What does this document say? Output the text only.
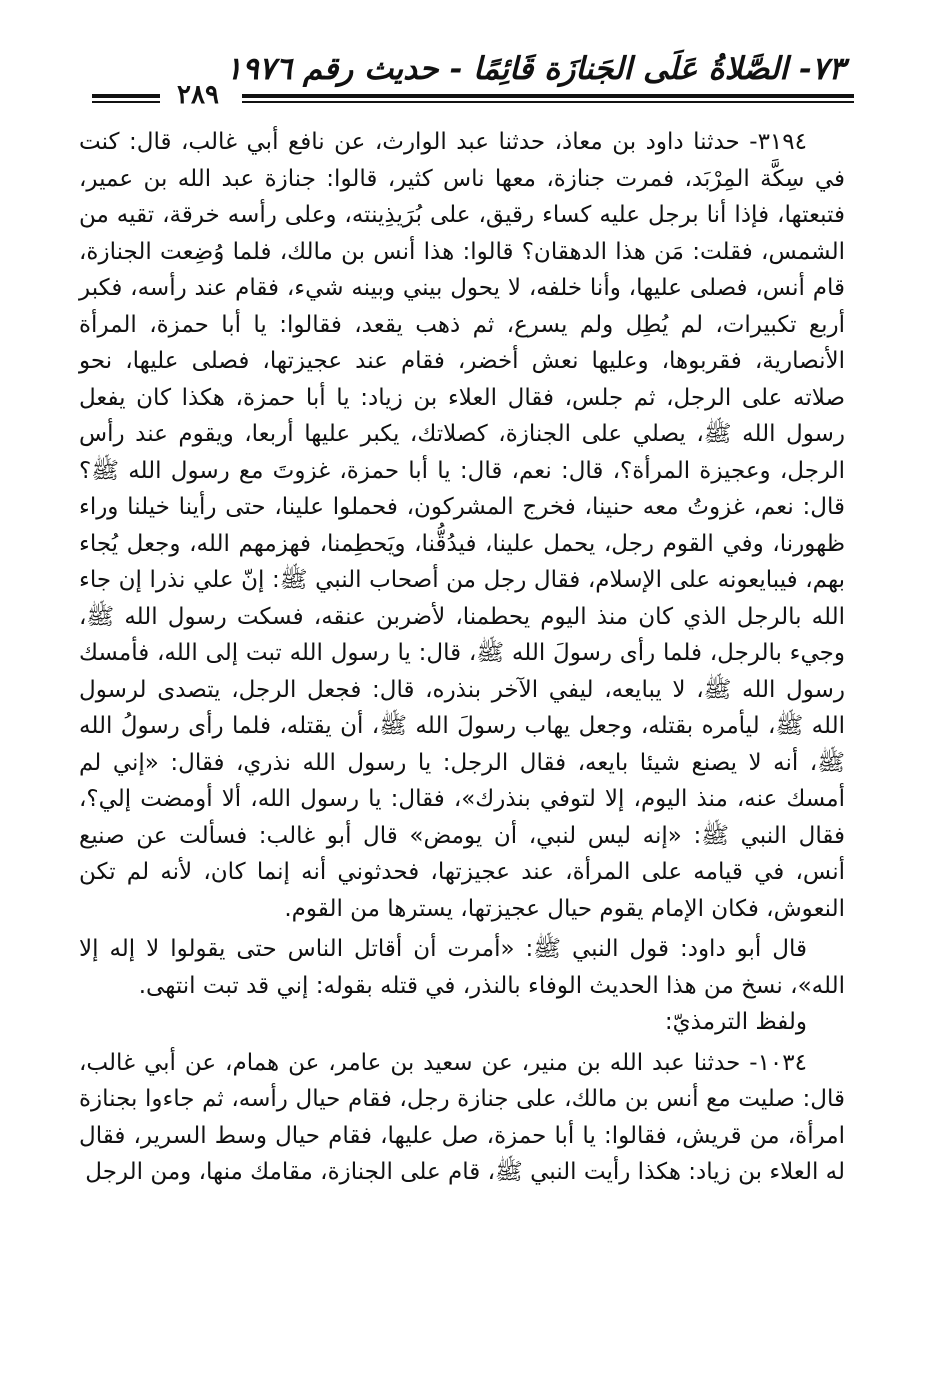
٧٣- الصَّلاةُ عَلَى الجَنازَة قَائِمًا - حديث رقم ١٩٧٦
٢٨٩

٣١٩٤- حدثنا داود بن معاذ، حدثنا عبد الوارث، عن نافع أبي غالب، قال: كنت في سِكَّة المِرْبَد، فمرت جنازة، معها ناس كثير، قالوا: جنازة عبد الله بن عمير، فتبعتها، فإذا أنا برجل عليه كساء رقيق، على بُرَيذِينته، وعلى رأسه خرقة، تقيه من الشمس، فقلت: مَن هذا الدهقان؟ قالوا: هذا أنس بن مالك، فلما وُضِعت الجنازة، قام أنس، فصلى عليها، وأنا خلفه، لا يحول بيني وبينه شيء، فقام عند رأسه، فكبر أربع تكبيرات، لم يُطِل ولم يسرع، ثم ذهب يقعد، فقالوا: يا أبا حمزة، المرأة الأنصارية، فقربوها، وعليها نعش أخضر، فقام عند عجيزتها، فصلى عليها، نحو صلاته على الرجل، ثم جلس، فقال العلاء بن زياد: يا أبا حمزة، هكذا كان يفعل رسول الله ﷺ، يصلي على الجنازة، كصلاتك، يكبر عليها أربعا، ويقوم عند رأس الرجل، وعجيزة المرأة؟، قال: نعم، قال: يا أبا حمزة، غزوتَ مع رسول الله ﷺ؟ قال: نعم، غزوتُ معه حنينا، فخرج المشركون، فحملوا علينا، حتى رأينا خيلنا وراء ظهورنا، وفي القوم رجل، يحمل علينا، فيدُقُّنا، ويَحطِمنا، فهزمهم الله، وجعل يُجاء بهم، فيبايعونه على الإسلام، فقال رجل من أصحاب النبي ﷺ: إنّ علي نذرا إن جاء الله بالرجل الذي كان منذ اليوم يحطمنا، لأضربن عنقه، فسكت رسول الله ﷺ، وجيء بالرجل، فلما رأى رسولَ الله ﷺ، قال: يا رسول الله تبت إلى الله، فأمسك رسول الله ﷺ، لا يبايعه، ليفي الآخر بنذره، قال: فجعل الرجل، يتصدى لرسول الله ﷺ، ليأمره بقتله، وجعل يهاب رسولَ الله ﷺ، أن يقتله، فلما رأى رسولُ الله ﷺ، أنه لا يصنع شيئا بايعه، فقال الرجل: يا رسول الله نذري، فقال: «إني لم أمسك عنه، منذ اليوم، إلا لتوفي بنذرك»، فقال: يا رسول الله، ألا أومضت إلي؟، فقال النبي ﷺ: «إنه ليس لنبي، أن يومض» قال أبو غالب: فسألت عن صنيع أنس، في قيامه على المرأة، عند عجيزتها، فحدثوني أنه إنما كان، لأنه لم تكن النعوش، فكان الإمام يقوم حيال عجيزتها، يسترها من القوم.

قال أبو داود: قول النبي ﷺ: «أمرت أن أقاتل الناس حتى يقولوا لا إله إلا الله»، نسخ من هذا الحديث الوفاء بالنذر، في قتله بقوله: إني قد تبت انتهى.

ولفظ الترمذيّ:

١٠٣٤- حدثنا عبد الله بن منير، عن سعيد بن عامر، عن همام، عن أبي غالب، قال: صليت مع أنس بن مالك، على جنازة رجل، فقام حيال رأسه، ثم جاءوا بجنازة امرأة، من قريش، فقالوا: يا أبا حمزة، صل عليها، فقام حيال وسط السرير، فقال له العلاء بن زياد: هكذا رأيت النبي ﷺ، قام على الجنازة، مقامك منها، ومن الرجل
